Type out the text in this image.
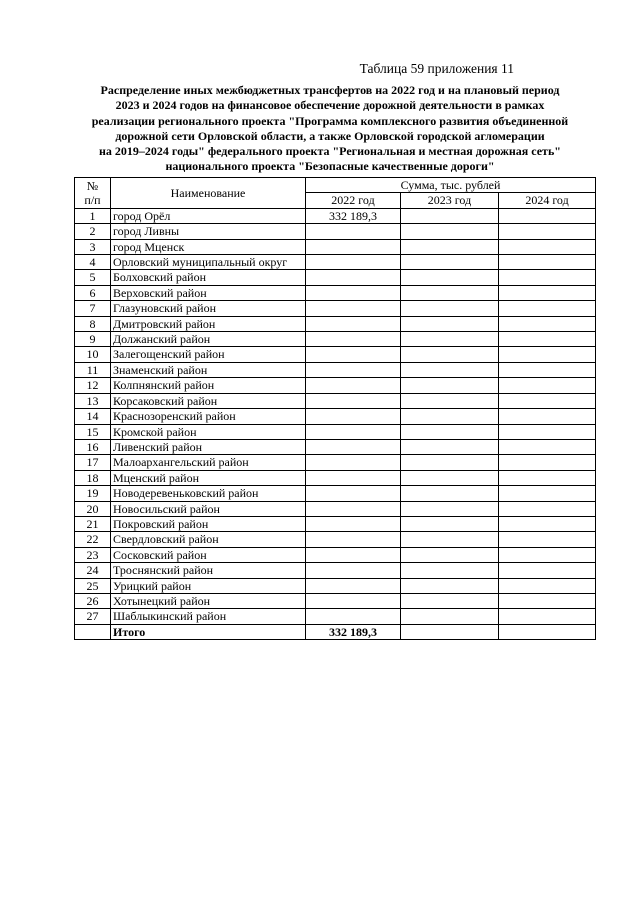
Таблица 59 приложения 11
Распределение иных межбюджетных трансфертов на 2022 год и на плановый период
2023 и 2024 годов на финансовое обеспечение дорожной деятельности в рамках
реализации регионального проекта "Программа комплексного развития объединенной
дорожной сети Орловской области, а также Орловской городской агломерации
на 2019–2024 годы" федерального проекта "Региональная и местная дорожная сеть"
национального проекта "Безопасные качественные дороги"
№
п/п	Наименование	Сумма, тыс. рублей		
		2022 год	2023 год	2024 год
1	город Орёл	332 189,3		
2	город Ливны			
3	город Мценск			
4	Орловский муниципальный округ			
5	Болховский район			
6	Верховский район			
7	Глазуновский район			
8	Дмитровский район			
9	Должанский район			
10	Залегощенский район			
11	Знаменский район			
12	Колпнянский район			
13	Корсаковский район			
14	Краснозоренский район			
15	Кромской район			
16	Ливенский район			
17	Малоархангельский район			
18	Мценский район			
19	Новодеревеньковский район			
20	Новосильский район			
21	Покровский район			
22	Свердловский район			
23	Сосковский район			
24	Троснянский район			
25	Урицкий район			
26	Хотынецкий район			
27	Шаблыкинский район			
	Итого	332 189,3		
